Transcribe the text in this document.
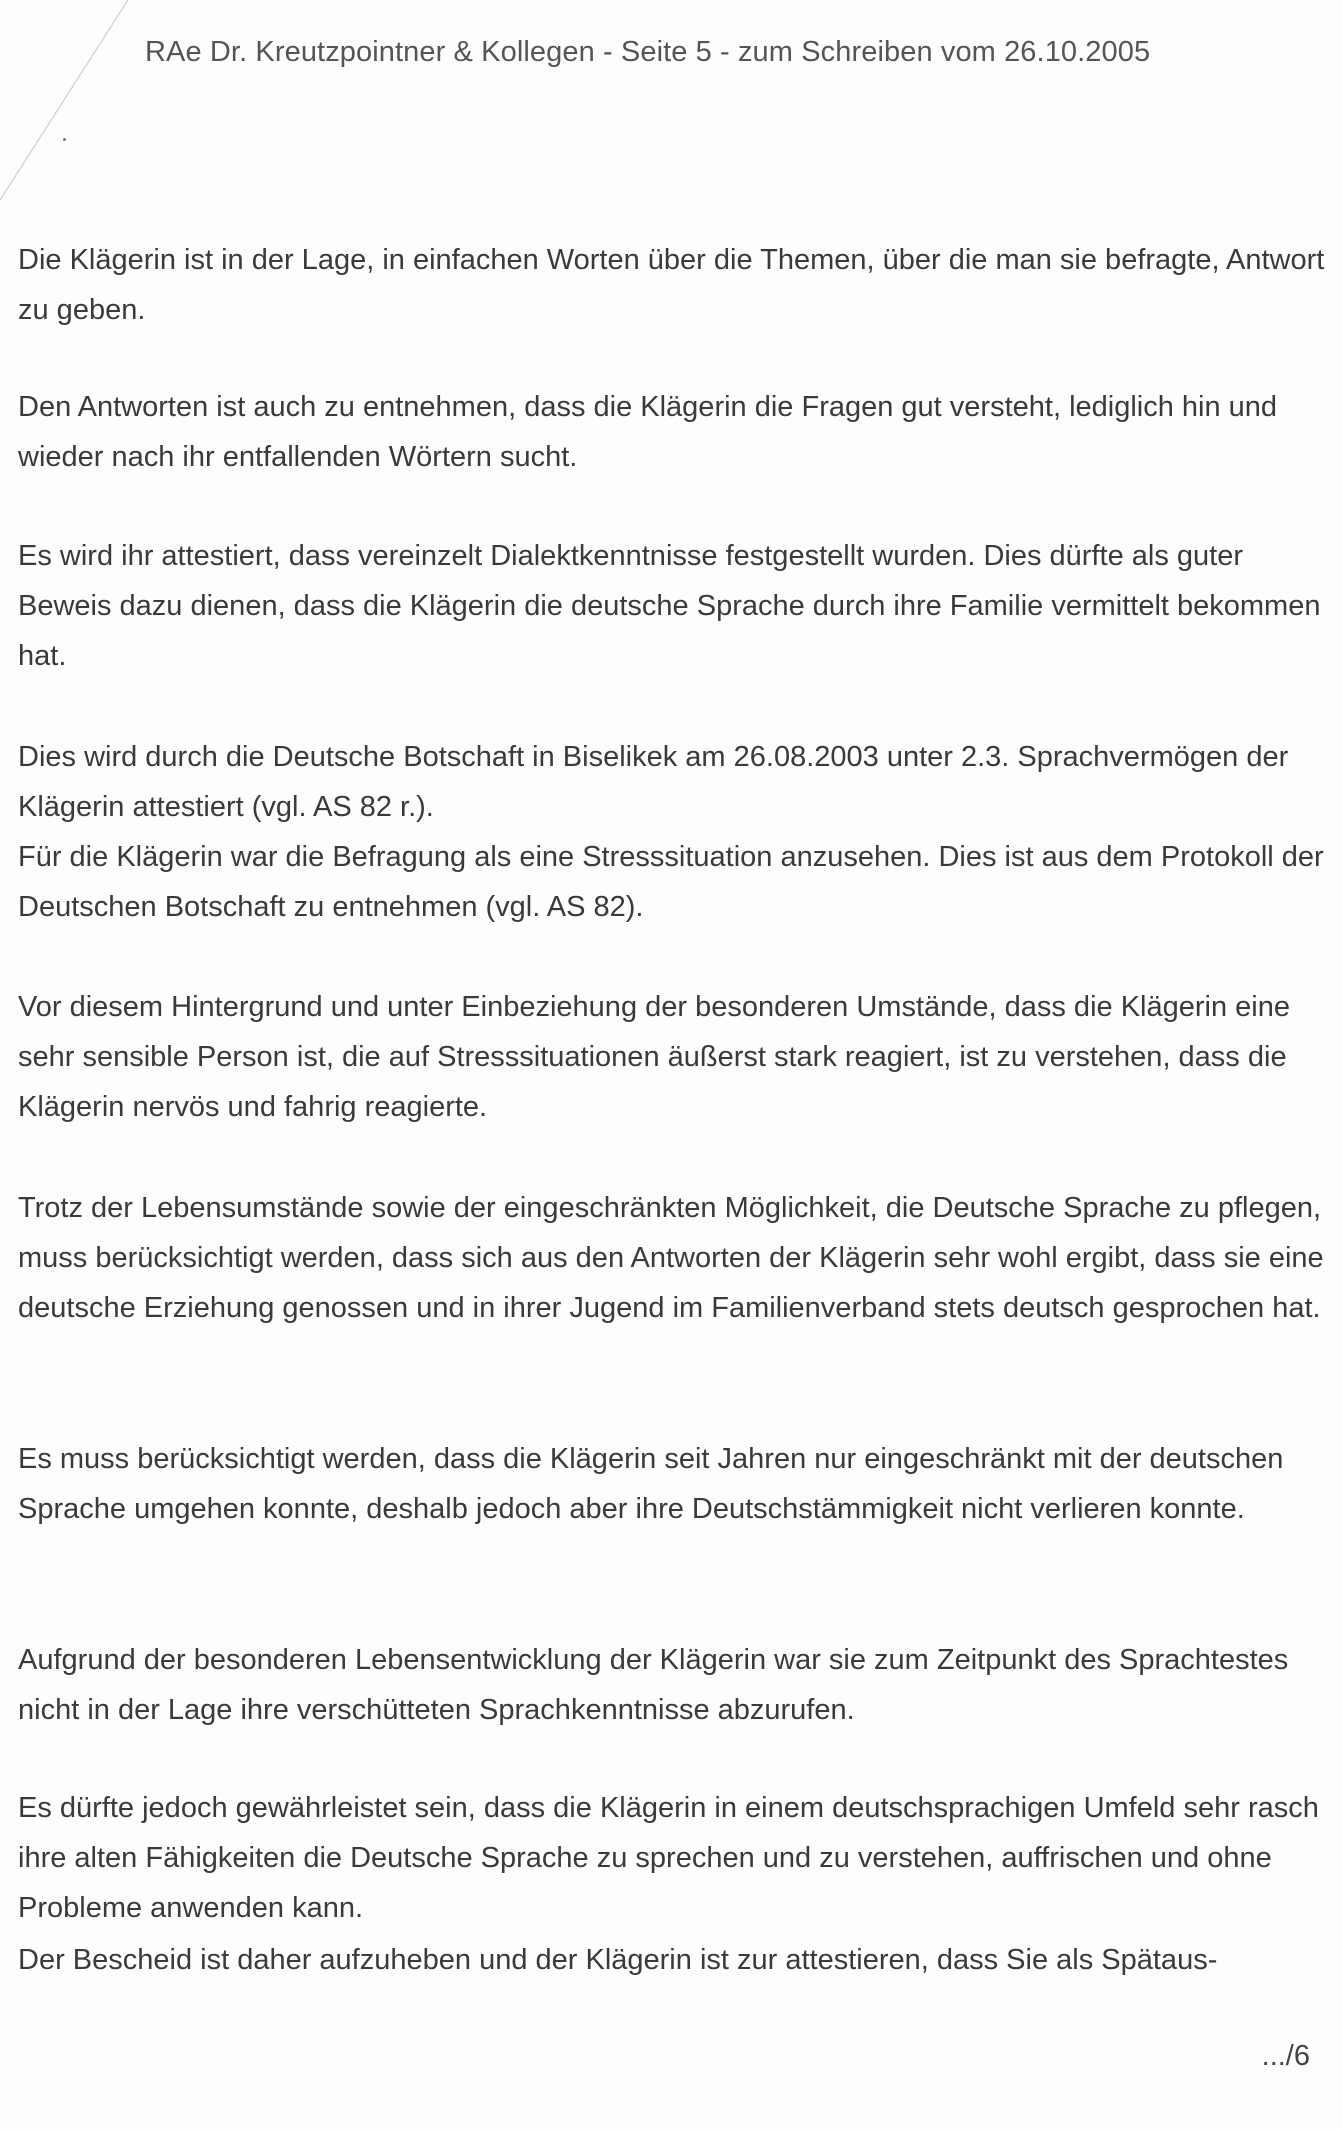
RAe Dr. Kreutzpointner & Kollegen - Seite 5 - zum Schreiben vom 26.10.2005

Die Klägerin ist in der Lage, in einfachen Worten über die Themen, über die man sie befragte, Antwort zu geben.

Den Antworten ist auch zu entnehmen, dass die Klägerin die Fragen gut versteht, lediglich hin und wieder nach ihr entfallenden Wörtern sucht.

Es wird ihr attestiert, dass vereinzelt Dialektkenntnisse festgestellt wurden. Dies dürfte als guter Beweis dazu dienen, dass die Klägerin die deutsche Sprache durch ihre Familie vermittelt bekommen hat.

Dies wird durch die Deutsche Botschaft in Biselikek am 26.08.2003 unter 2.3. Sprachvermögen der Klägerin attestiert (vgl. AS 82 r.).

Für die Klägerin war die Befragung als eine Stresssituation anzusehen. Dies ist aus dem Protokoll der Deutschen Botschaft zu entnehmen (vgl. AS 82).

Vor diesem Hintergrund und unter Einbeziehung der besonderen Umstände, dass die Klägerin eine sehr sensible Person ist, die auf Stresssituationen äußerst stark reagiert, ist zu verstehen, dass die Klägerin nervös und fahrig reagierte.

Trotz der Lebensumstände sowie der eingeschränkten Möglichkeit, die Deutsche Sprache zu pflegen, muss berücksichtigt werden, dass sich aus den Antworten der Klägerin sehr wohl ergibt, dass sie eine deutsche Erziehung genossen und in ihrer Jugend im Familienverband stets deutsch gesprochen hat.

Es muss berücksichtigt werden, dass die Klägerin seit Jahren nur eingeschränkt mit der deutschen Sprache umgehen konnte, deshalb jedoch aber ihre Deutschstämmigkeit nicht verlieren konnte.

Aufgrund der besonderen Lebensentwicklung der Klägerin war sie zum Zeitpunkt des Sprachtestes nicht in der Lage ihre verschütteten Sprachkenntnisse abzurufen.

Es dürfte jedoch gewährleistet sein, dass die Klägerin in einem deutschsprachigen Umfeld sehr rasch ihre alten Fähigkeiten die Deutsche Sprache zu sprechen und zu verstehen, auffrischen und ohne Probleme anwenden kann.

Der Bescheid ist daher aufzuheben und der Klägerin ist zur attestieren, dass Sie als Spätaus-

.../6
